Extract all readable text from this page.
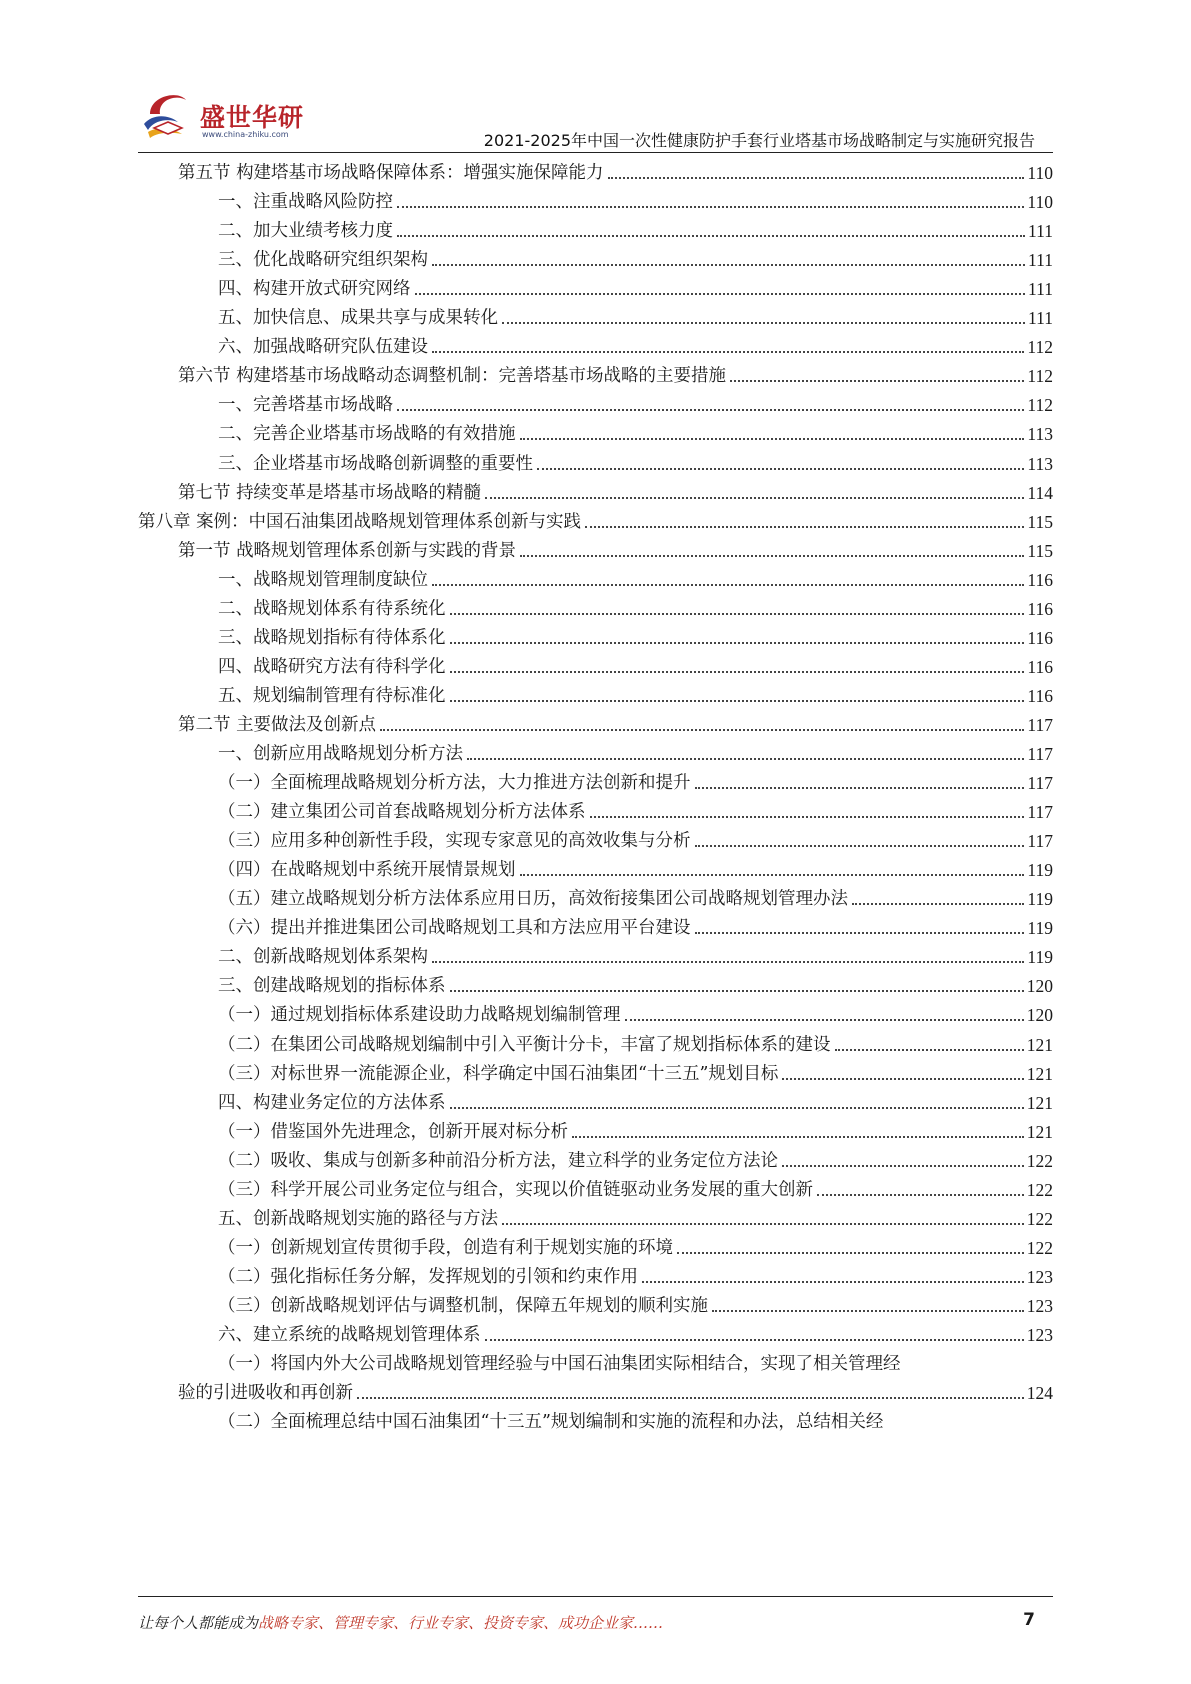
盛世华研
www.china-zhiku.com	2021-2025年中国一次性健康防护手套行业塔基市场战略制定与实施研究报告
第五节 构建塔基市场战略保障体系：增强实施保障能力	110
一、注重战略风险防控	110
二、加大业绩考核力度	111
三、优化战略研究组织架构	111
四、构建开放式研究网络	111
五、加快信息、成果共享与成果转化	111
六、加强战略研究队伍建设	112
第六节 构建塔基市场战略动态调整机制：完善塔基市场战略的主要措施	112
一、完善塔基市场战略	112
二、完善企业塔基市场战略的有效措施	113
三、企业塔基市场战略创新调整的重要性	113
第七节 持续变革是塔基市场战略的精髓	114
第八章 案例：中国石油集团战略规划管理体系创新与实践	115
第一节 战略规划管理体系创新与实践的背景	115
一、战略规划管理制度缺位	116
二、战略规划体系有待系统化	116
三、战略规划指标有待体系化	116
四、战略研究方法有待科学化	116
五、规划编制管理有待标准化	116
第二节 主要做法及创新点	117
一、创新应用战略规划分析方法	117
（一）全面梳理战略规划分析方法，大力推进方法创新和提升	117
（二）建立集团公司首套战略规划分析方法体系	117
（三）应用多种创新性手段，实现专家意见的高效收集与分析	117
（四）在战略规划中系统开展情景规划	119
（五）建立战略规划分析方法体系应用日历，高效衔接集团公司战略规划管理办法	119
（六）提出并推进集团公司战略规划工具和方法应用平台建设	119
二、创新战略规划体系架构	119
三、创建战略规划的指标体系	120
（一）通过规划指标体系建设助力战略规划编制管理	120
（二）在集团公司战略规划编制中引入平衡计分卡，丰富了规划指标体系的建设	121
（三）对标世界一流能源企业，科学确定中国石油集团“十三五”规划目标	121
四、构建业务定位的方法体系	121
（一）借鉴国外先进理念，创新开展对标分析	121
（二）吸收、集成与创新多种前沿分析方法，建立科学的业务定位方法论	122
（三）科学开展公司业务定位与组合，实现以价值链驱动业务发展的重大创新	122
五、创新战略规划实施的路径与方法	122
（一）创新规划宣传贯彻手段，创造有利于规划实施的环境	122
（二）强化指标任务分解，发挥规划的引领和约束作用	123
（三）创新战略规划评估与调整机制，保障五年规划的顺利实施	123
六、建立系统的战略规划管理体系	123
（一）将国内外大公司战略规划管理经验与中国石油集团实际相结合，实现了相关管理经
验的引进吸收和再创新	124
（二）全面梳理总结中国石油集团“十三五”规划编制和实施的流程和办法，总结相关经
让每个人都能成为战略专家、管理专家、行业专家、投资专家、成功企业家……	7
